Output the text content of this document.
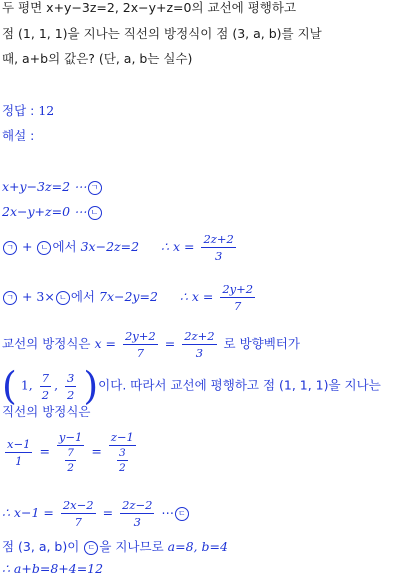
두 평면 x+y−3z=2, 2x−y+z=0의 교선에 평행하고
점 (1, 1, 1)을 지나는 직선의 방정식이 점 (3, a, b)를 지날
때, a+b의 값은? (단, a, b는 실수)
정답 : 12
해설 :
x+y−3z=2 ⋯ ㄱ
2x−y+z=0 ⋯ ㄴ
ㄱ + ㄴ 에서 3x−2z=2 ∴ $x = \frac{2z+2}{3}$
ㄱ + 3× ㄴ 에서 7x−2y=2 ∴ $x = \frac{2y+2}{7}$
교선의 방정식은 $x = \frac{2y+2}{7} = \frac{2z+2}{3}$ 로 방향벡터가
( 1, $\frac{7}{2}$ , $\frac{3}{2}$ )이다. 따라서 교선에 평행하고 점 (1, 1, 1)을 지나는
직선의 방정식은
$\frac{x-1}{1} = \frac{y-1}{\frac{7}{2}} = \frac{z-1}{\frac{3}{2}}$
∴ $x-1 = \frac{2x-2}{7} = \frac{2z-2}{3}$ ⋯ ㄷ
점 (3, a, b)이 ㄷ 을 지나므로 a=8, b=4
∴ a+b=8+4=12
